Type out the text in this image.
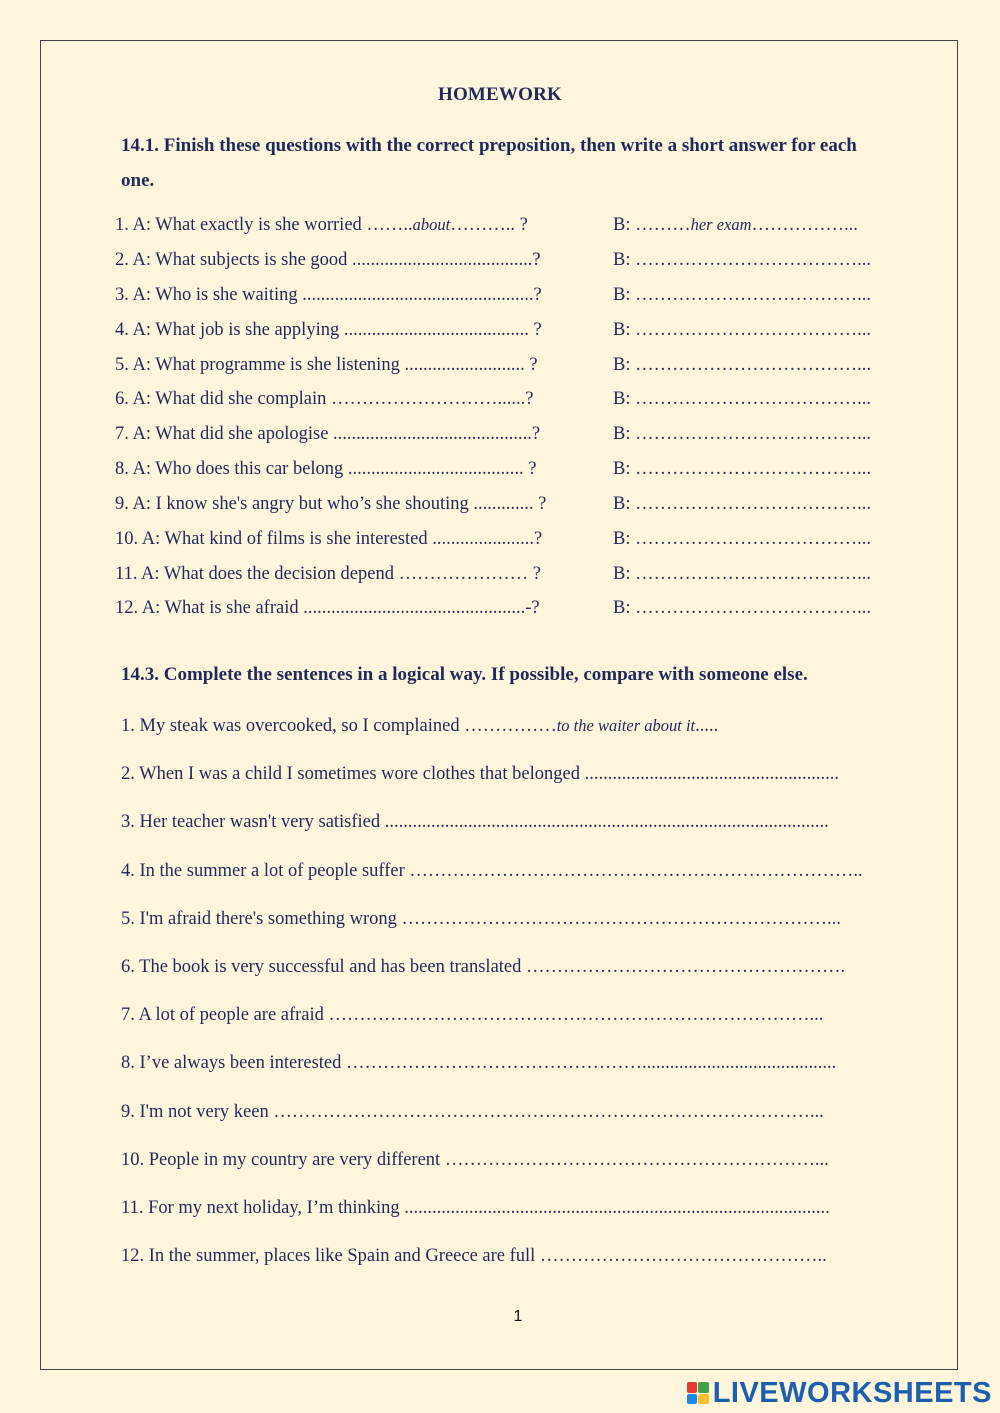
HOMEWORK
14.1. Finish these questions with the correct preposition, then write a short answer for each
one.
1. A: What exactly is she worried ……..about……….. ?	B: ………her exam……………...
2. A: What subjects is she good .......................................?	B: ………………………………...
3. A: Who is she waiting ..................................................?	B: ………………………………...
4. A: What job is she applying ........................................ ?	B: ………………………………...
5. A: What programme is she listening .......................... ?	B: ………………………………...
6. A: What did she complain ………………………......?	B: ………………………………...
7. A: What did she apologise ...........................................?	B: ………………………………...
8. A: Who does this car belong ...................................... ?	B: ………………………………...
9. A: I know she's angry but who’s she shouting ............. ?	B: ………………………………...
10. A: What kind of films is she interested ......................?	B: ………………………………...
11. A: What does the decision depend ………………… ?	B: ………………………………...
12. A: What is she afraid ................................................-?	B: ………………………………...
14.3. Complete the sentences in a logical way. If possible, compare with someone else.
1. My steak was overcooked, so I complained ……………to the waiter about it.....
2. When I was a child I sometimes wore clothes that belonged .......................................................
3. Her teacher wasn't very satisfied ................................................................................................
4. In the summer a lot of people suffer ………………………………………………………………..
5. I'm afraid there's something wrong ……………………………………………………………...
6. The book is very successful and has been translated …………………………………………….
7. A lot of people are afraid ……………………………………………………………………...
8. I’ve always been interested …………………………………………..........................................
9. I'm not very keen ……………………………………………………………………………...
10. People in my country are very different ……………………………………………………...
11. For my next holiday, I’m thinking ............................................................................................
12. In the summer, places like Spain and Greece are full ………………………………………..
1
LIVEWORKSHEETS
